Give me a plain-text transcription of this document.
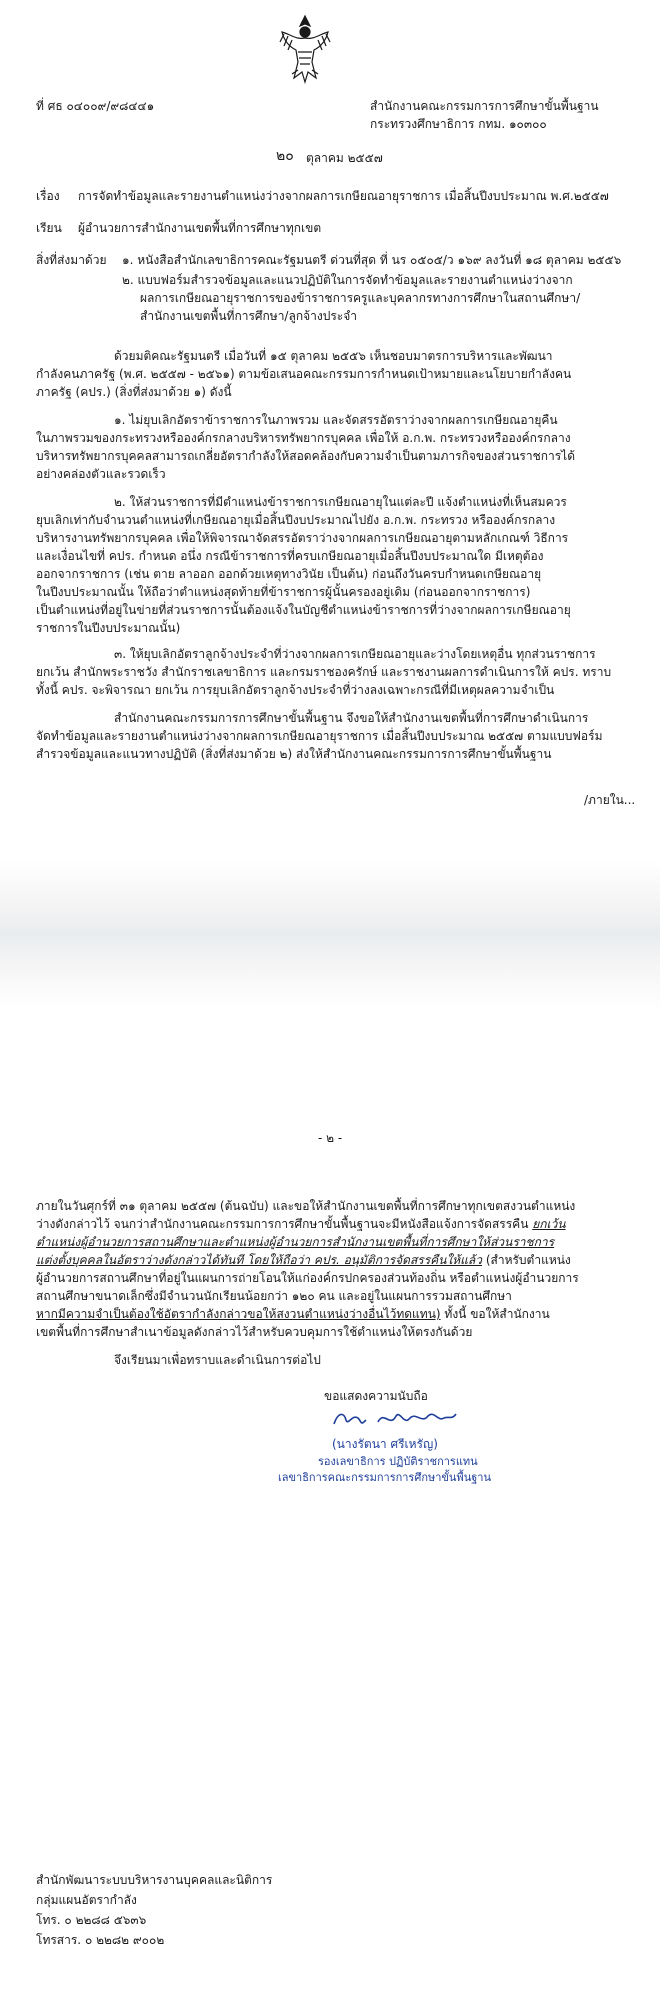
ที่ ศธ ๐๔๐๐๙/๙๘๔๔๑	สำนักงานคณะกรรมการการศึกษาขั้นพื้นฐาน
กระทรวงศึกษาธิการ กทม. ๑๐๓๐๐
๒๐ ตุลาคม ๒๕๕๗
เรื่อง การจัดทำข้อมูลและรายงานตำแหน่งว่างจากผลการเกษียณอายุราชการ เมื่อสิ้นปีงบประมาณ พ.ศ.๒๕๕๗
เรียน ผู้อำนวยการสำนักงานเขตพื้นที่การศึกษาทุกเขต
สิ่งที่ส่งมาด้วย ๑. หนังสือสำนักเลขาธิการคณะรัฐมนตรี ด่วนที่สุด ที่ นร ๐๕๐๕/ว ๑๖๙ ลงวันที่ ๑๘ ตุลาคม ๒๕๕๖
๒. แบบฟอร์มสำรวจข้อมูลและแนวปฏิบัติในการจัดทำข้อมูลและรายงานตำแหน่งว่างจาก
ผลการเกษียณอายุราชการของข้าราชการครูและบุคลากรทางการศึกษาในสถานศึกษา/
สำนักงานเขตพื้นที่การศึกษา/ลูกจ้างประจำ
ด้วยมติคณะรัฐมนตรี เมื่อวันที่ ๑๕ ตุลาคม ๒๕๕๖ เห็นชอบมาตรการบริหารและพัฒนา
กำลังคนภาครัฐ (พ.ศ. ๒๕๕๗ - ๒๕๖๑) ตามข้อเสนอคณะกรรมการกำหนดเป้าหมายและนโยบายกำลังคน
ภาครัฐ (คปร.) (สิ่งที่ส่งมาด้วย ๑) ดังนี้
๑. ไม่ยุบเลิกอัตราข้าราชการในภาพรวม และจัดสรรอัตราว่างจากผลการเกษียณอายุคืน
ในภาพรวมของกระทรวงหรือองค์กรกลางบริหารทรัพยากรบุคคล เพื่อให้ อ.ก.พ. กระทรวงหรือองค์กรกลาง
บริหารทรัพยากรบุคคลสามารถเกลี่ยอัตรากำลังให้สอดคล้องกับความจำเป็นตามภารกิจของส่วนราชการได้
อย่างคล่องตัวและรวดเร็ว
๒. ให้ส่วนราชการที่มีตำแหน่งข้าราชการเกษียณอายุในแต่ละปี แจ้งตำแหน่งที่เห็นสมควร
ยุบเลิกเท่ากับจำนวนตำแหน่งที่เกษียณอายุเมื่อสิ้นปีงบประมาณไปยัง อ.ก.พ. กระทรวง หรือองค์กรกลาง
บริหารงานทรัพยากรบุคคล เพื่อให้พิจารณาจัดสรรอัตราว่างจากผลการเกษียณอายุตามหลักเกณฑ์ วิธีการ
และเงื่อนไขที่ คปร. กำหนด อนึ่ง กรณีข้าราชการที่ครบเกษียณอายุเมื่อสิ้นปีงบประมาณใด มีเหตุต้อง
ออกจากราชการ (เช่น ตาย ลาออก ออกด้วยเหตุทางวินัย เป็นต้น) ก่อนถึงวันครบกำหนดเกษียณอายุ
ในปีงบประมาณนั้น ให้ถือว่าตำแหน่งสุดท้ายที่ข้าราชการผู้นั้นครองอยู่เดิม (ก่อนออกจากราชการ)
เป็นตำแหน่งที่อยู่ในข่ายที่ส่วนราชการนั้นต้องแจ้งในบัญชีตำแหน่งข้าราชการที่ว่างจากผลการเกษียณอายุ
ราชการในปีงบประมาณนั้น)
๓. ให้ยุบเลิกอัตราลูกจ้างประจำที่ว่างจากผลการเกษียณอายุและว่างโดยเหตุอื่น ทุกส่วนราชการ
ยกเว้น สำนักพระราชวัง สำนักราชเลขาธิการ และกรมราชองครักษ์ และราชงานผลการดำเนินการให้ คปร. ทราบ
ทั้งนี้ คปร. จะพิจารณา ยกเว้น การยุบเลิกอัตราลูกจ้างประจำที่ว่างลงเฉพาะกรณีที่มีเหตุผลความจำเป็น
สำนักงานคณะกรรมการการศึกษาขั้นพื้นฐาน จึงขอให้สำนักงานเขตพื้นที่การศึกษาดำเนินการ
จัดทำข้อมูลและรายงานตำแหน่งว่างจากผลการเกษียณอายุราชการ เมื่อสิ้นปีงบประมาณ ๒๕๕๗ ตามแบบฟอร์ม
สำรวจข้อมูลและแนวทางปฏิบัติ (สิ่งที่ส่งมาด้วย ๒) ส่งให้สำนักงานคณะกรรมการการศึกษาขั้นพื้นฐาน
/ภายใน...
- ๒ -
ภายในวันศุกร์ที่ ๓๑ ตุลาคม ๒๕๕๗ (ต้นฉบับ) และขอให้สำนักงานเขตพื้นที่การศึกษาทุกเขตสงวนตำแหน่ง
ว่างดังกล่าวไว้ จนกว่าสำนักงานคณะกรรมการการศึกษาขั้นพื้นฐานจะมีหนังสือแจ้งการจัดสรรคืน ยกเว้น
ตำแหน่งผู้อำนวยการสถานศึกษาและตำแหน่งผู้อำนวยการสำนักงานเขตพื้นที่การศึกษาให้ส่วนราชการ
แต่งตั้งบุคคลในอัตราว่างดังกล่าวได้ทันที โดยให้ถือว่า คปร. อนุมัติการจัดสรรคืนให้แล้ว (สำหรับตำแหน่ง
ผู้อำนวยการสถานศึกษาที่อยู่ในแผนการถ่ายโอนให้แก่องค์กรปกครองส่วนท้องถิ่น หรือตำแหน่งผู้อำนวยการ
สถานศึกษาขนาดเล็กซึ่งมีจำนวนนักเรียนน้อยกว่า ๑๒๐ คน และอยู่ในแผนการรวมสถานศึกษา
หากมีความจำเป็นต้องใช้อัตรากำลังกล่าวขอให้สงวนตำแหน่งว่างอื่นไว้ทดแทน) ทั้งนี้ ขอให้สำนักงาน
เขตพื้นที่การศึกษาสำเนาข้อมูลดังกล่าวไว้สำหรับควบคุมการใช้ตำแหน่งให้ตรงกันด้วย
จึงเรียนมาเพื่อทราบและดำเนินการต่อไป
ขอแสดงความนับถือ
(นางรัตนา ศรีเหรัญ)
รองเลขาธิการ ปฏิบัติราชการแทน
เลขาธิการคณะกรรมการการศึกษาขั้นพื้นฐาน
สำนักพัฒนาระบบบริหารงานบุคคลและนิติการ
กลุ่มแผนอัตรากำลัง
โทร. ๐ ๒๒๘๘ ๕๖๓๖
โทรสาร. ๐ ๒๒๘๒ ๙๐๐๒
